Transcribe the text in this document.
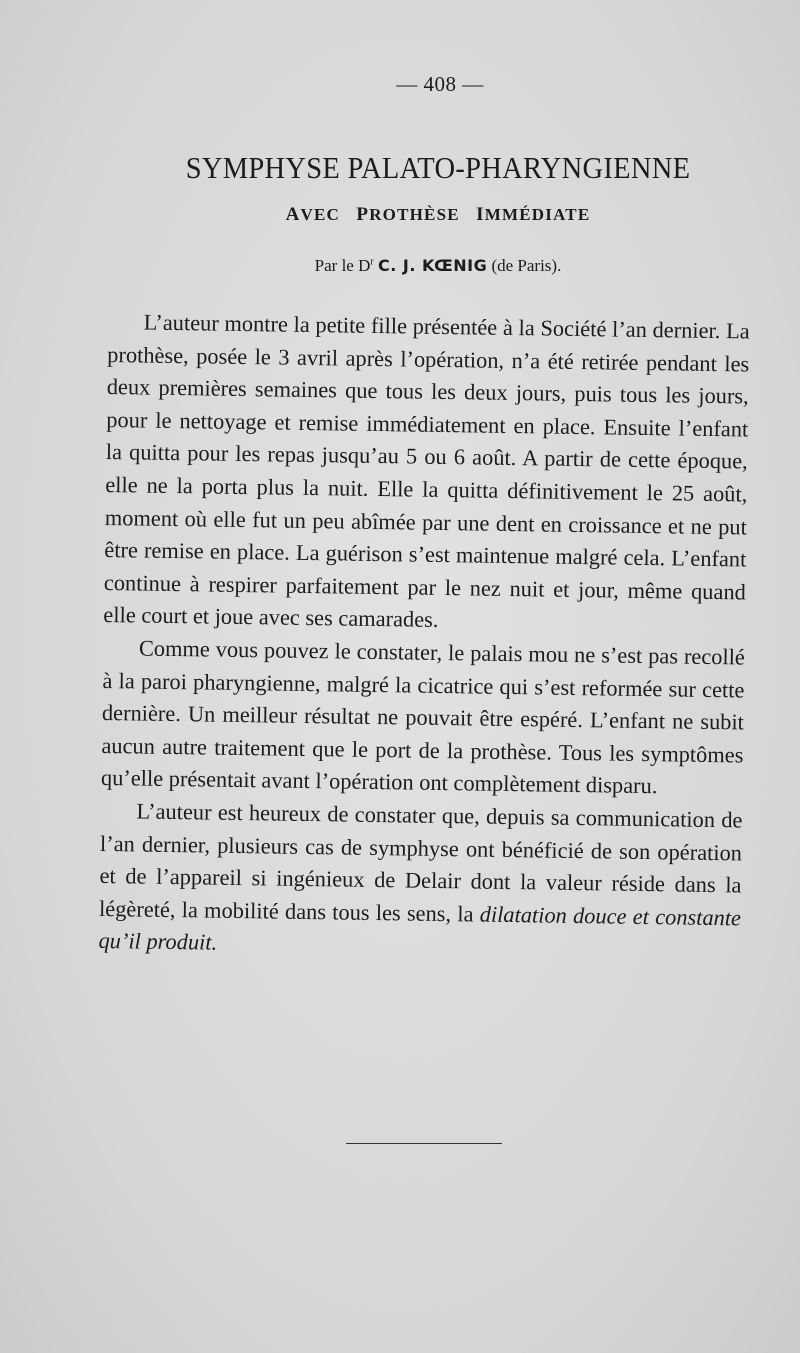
— 408 —
SYMPHYSE PALATO-PHARYNGIENNE
AVEC PROTHÈSE IMMÉDIATE
Par le $D^r$ C. J. KŒNIG (de Paris).

L’auteur montre la petite fille présentée à la Société l’an dernier. La prothèse, posée le 3 avril après l’opération, n’a été retirée pendant les deux premières semaines que tous les deux jours, puis tous les jours, pour le nettoyage et remise immédiatement en place. Ensuite l’enfant la quitta pour les repas jusqu’au 5 ou 6 août. A partir de cette époque, elle ne la porta plus la nuit. Elle la quitta définitivement le 25 août, moment où elle fut un peu abîmée par une dent en croissance et ne put être remise en place. La guérison s’est maintenue malgré cela. L’enfant continue à respirer parfaitement par le nez nuit et jour, même quand elle court et joue avec ses camarades.

Comme vous pouvez le constater, le palais mou ne s’est pas recollé à la paroi pharyngienne, malgré la cicatrice qui s’est reformée sur cette dernière. Un meilleur résultat ne pouvait être espéré. L’enfant ne subit aucun autre traitement que le port de la prothèse. Tous les symptômes qu’elle présentait avant l’opération ont complètement disparu.

L’auteur est heureux de constater que, depuis sa communication de l’an dernier, plusieurs cas de symphyse ont bénéficié de son opération et de l’appareil si ingénieux de Delair dont la valeur réside dans la légèreté, la mobilité dans tous les sens, la dilatation douce et constante qu’il produit.
